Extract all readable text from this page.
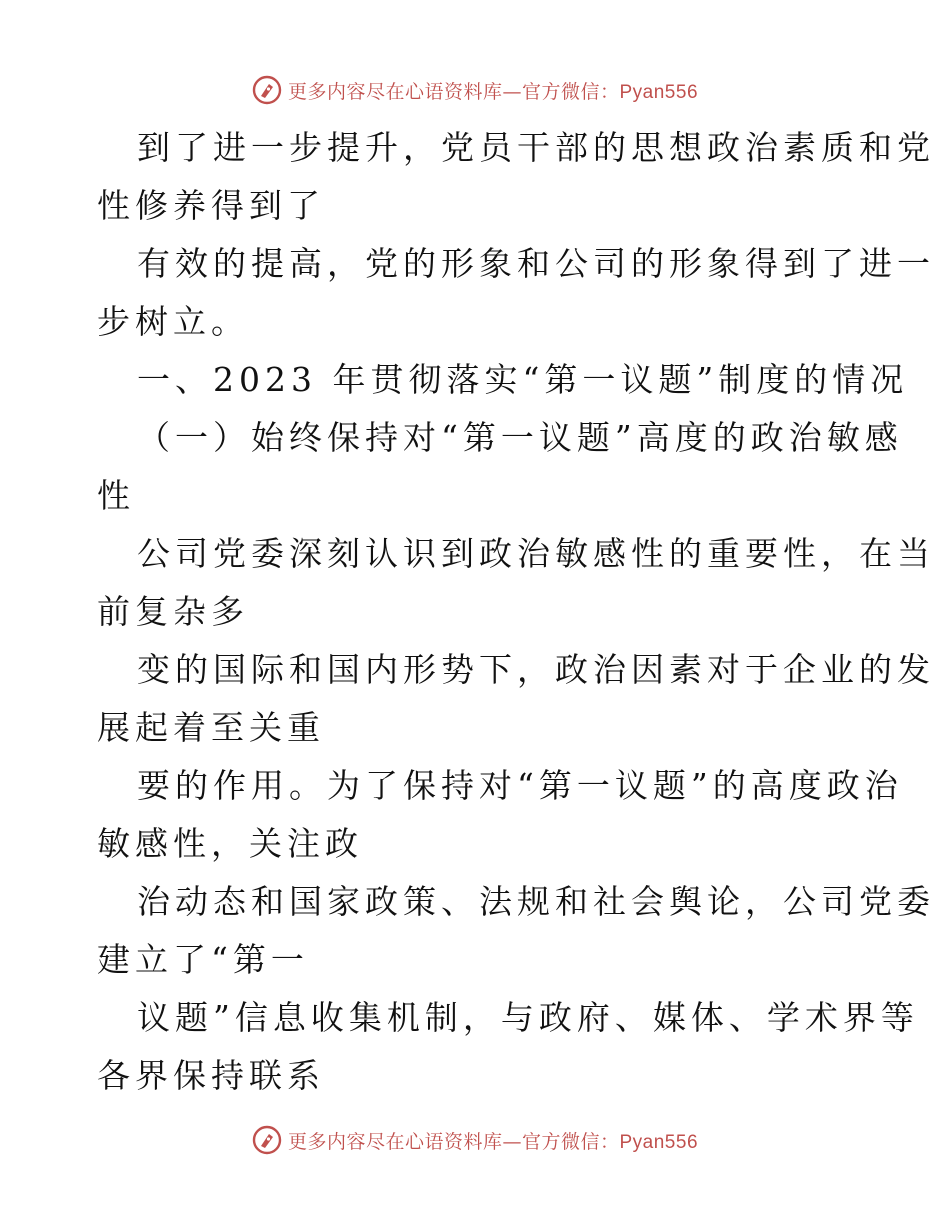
更多内容尽在心语资料库—官方微信：Pyan556
到了进一步提升，党员干部的思想政治素质和党
性修养得到了
有效的提高，党的形象和公司的形象得到了进一
步树立。
一、2023 年贯彻落实“第一议题”制度的情况
（一）始终保持对“第一议题”高度的政治敏感
性
公司党委深刻认识到政治敏感性的重要性，在当
前复杂多
变的国际和国内形势下，政治因素对于企业的发
展起着至关重
要的作用。为了保持对“第一议题”的高度政治
敏感性，关注政
治动态和国家政策、法规和社会舆论，公司党委
建立了“第一
议题”信息收集机制，与政府、媒体、学术界等
各界保持联系
更多内容尽在心语资料库—官方微信：Pyan556
